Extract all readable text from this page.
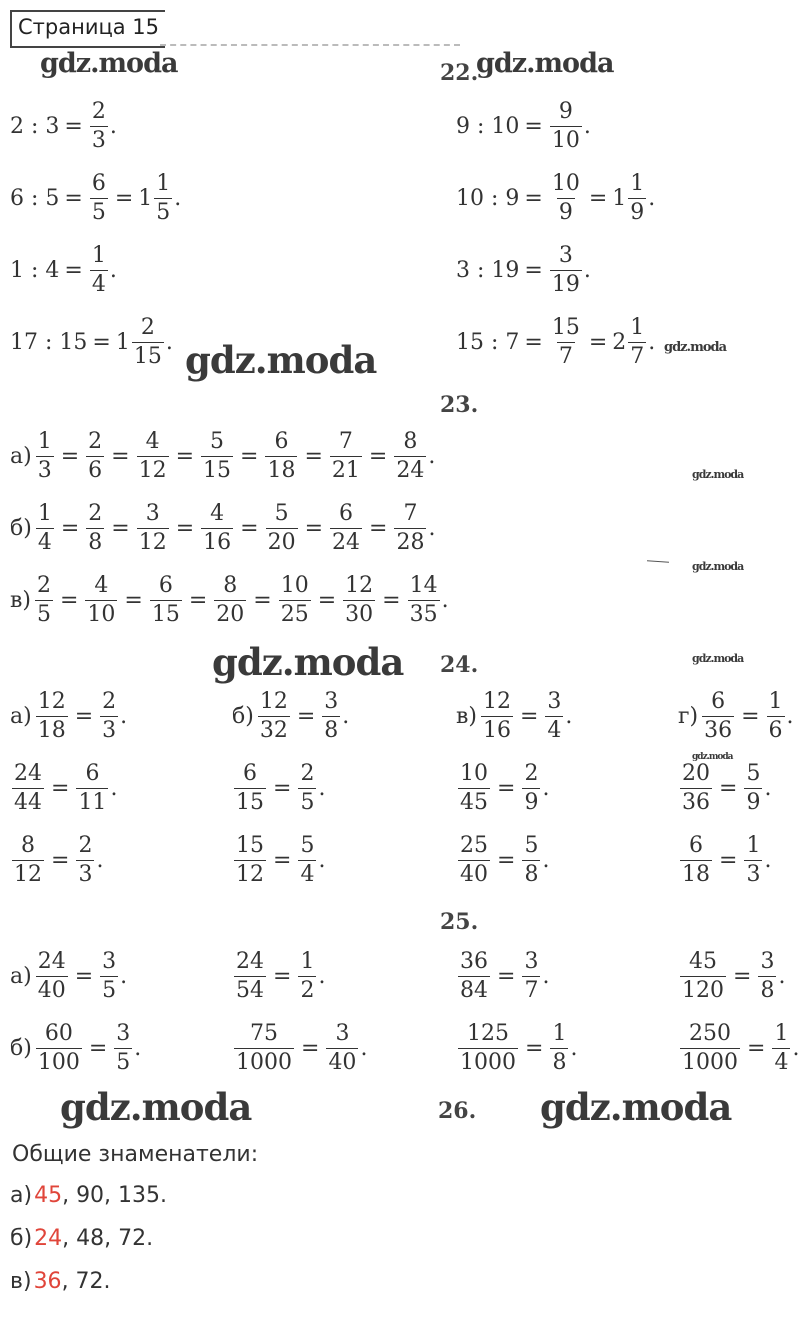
Страница 15
22.
23.
24.
25.
26.
gdz.moda	gdz.moda
gdz.moda	gdz.moda
gdz.moda
gdz.moda
gdz.moda	gdz.moda
gdz.moda
gdz.moda	gdz.moda
Общие знаменатели:
2 : $3 = \frac{2}{3}$ .
6 : $5 = \frac{6}{5} = 1 \frac{1}{5}$ .
1 : $4 = \frac{1}{4}$ .
17 : $15 = 1 \frac{2}{15}$ .
9 : $10 = \frac{9}{10}$ .
10 : $9 = \frac{10}{9} = 1 \frac{1}{9}$ .
3 : $19 = \frac{3}{19}$ .
15 : $7 = \frac{15}{7} = 2 \frac{1}{7}$ .
$а) \frac{1}{3} = \frac{2}{6} = \frac{4}{12} = \frac{5}{15} = \frac{6}{18} = \frac{7}{21} = \frac{8}{24}$ .
$б) \frac{1}{4} = \frac{2}{8} = \frac{3}{12} = \frac{4}{16} = \frac{5}{20} = \frac{6}{24} = \frac{7}{28}$ .
$в) \frac{2}{5} = \frac{4}{10} = \frac{6}{15} = \frac{8}{20} = \frac{10}{25} = \frac{12}{30} = \frac{14}{35}$ .
$а) \frac{12}{18} = \frac{2}{3}$ .	$б) \frac{12}{32} = \frac{3}{8}$ .	$в) \frac{12}{16} = \frac{3}{4}$ .	$г) \frac{6}{36} = \frac{1}{6}$ .
$\frac{24}{44} = \frac{6}{11}$ .	$\frac{6}{15} = \frac{2}{5}$ .	$\frac{10}{45} = \frac{2}{9}$ .	$\frac{20}{36} = \frac{5}{9}$ .
$\frac{8}{12} = \frac{2}{3}$ .	$\frac{15}{12} = \frac{5}{4}$ .	$\frac{25}{40} = \frac{5}{8}$ .	$\frac{6}{18} = \frac{1}{3}$ .
$а) \frac{24}{40} = \frac{3}{5}$ .	$\frac{24}{54} = \frac{1}{2}$ .	$\frac{36}{84} = \frac{3}{7}$ .	$\frac{45}{120} = \frac{3}{8}$ .
$б) \frac{60}{100} = \frac{3}{5}$ .	$\frac{75}{1000} = \frac{3}{40}$ .	$\frac{125}{1000} = \frac{1}{8}$ .	$\frac{250}{1000} = \frac{1}{4}$ .
а) 45 , 90, 135.
б) 24 , 48, 72.
в) 36 , 72.
